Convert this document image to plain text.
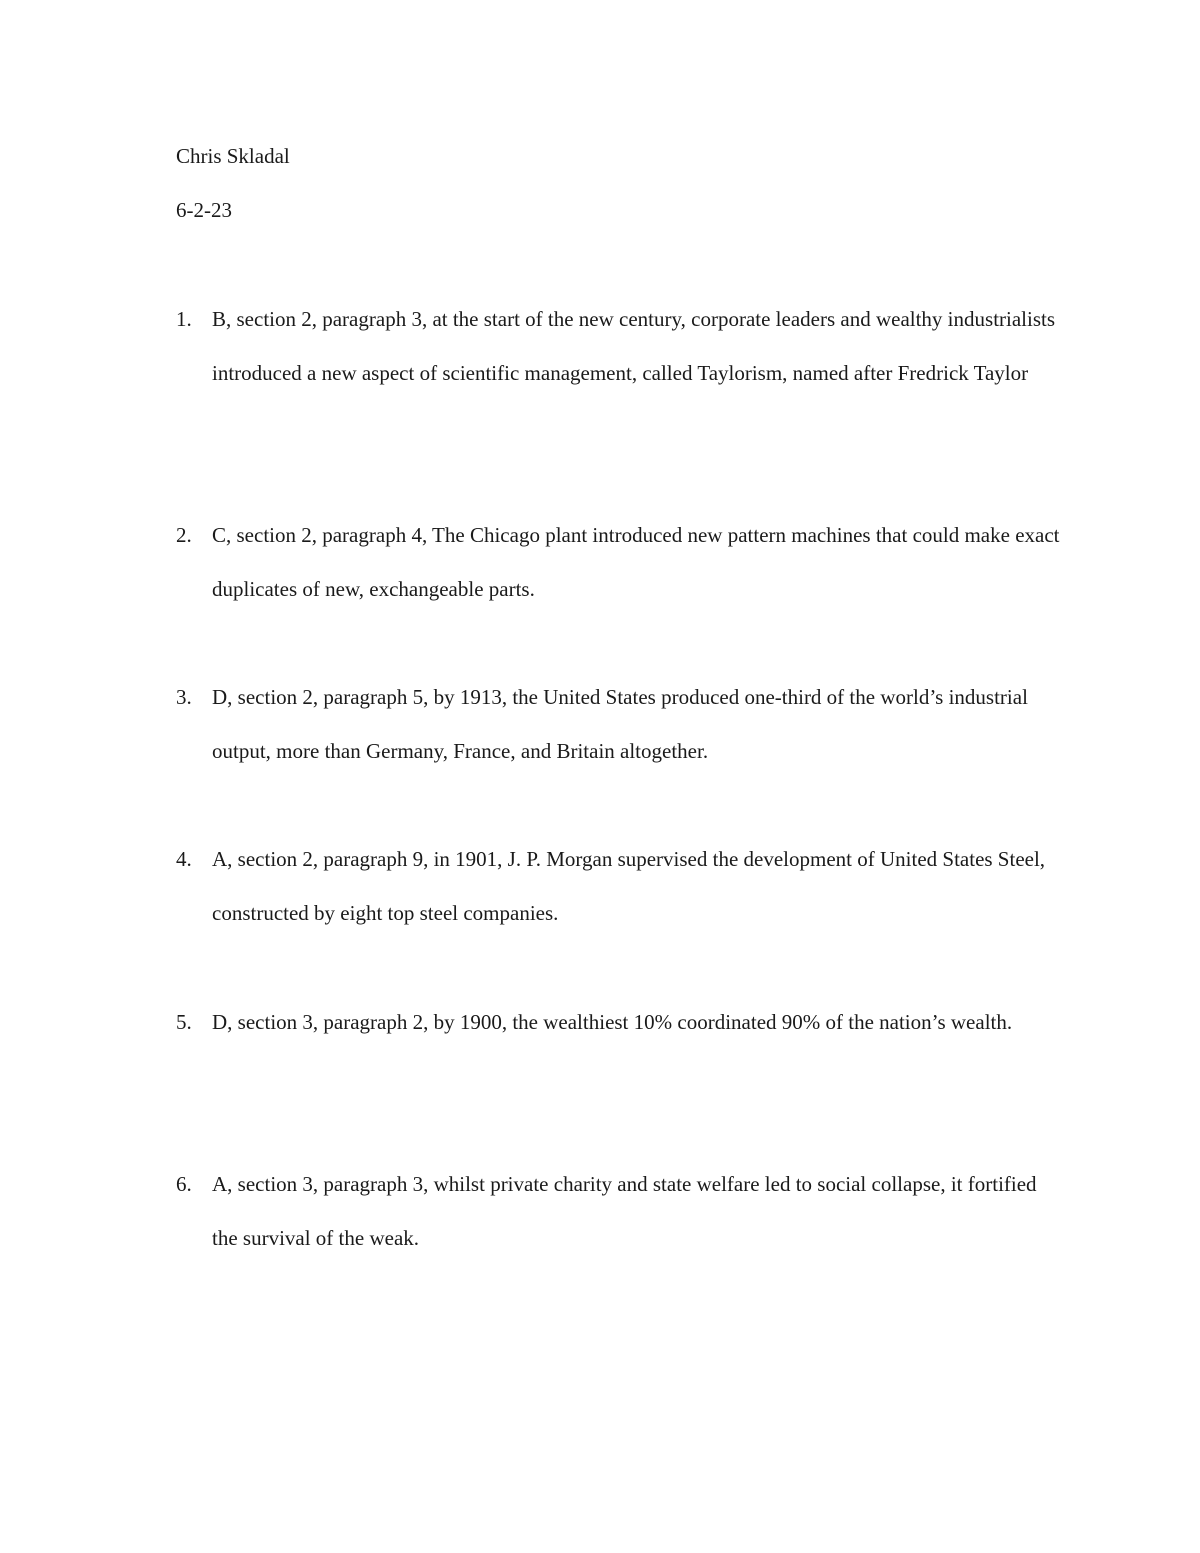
Chris Skladal
6-2-23
1. B, section 2, paragraph 3, at the start of the new century, corporate leaders and wealthy industrialists introduced a new aspect of scientific management, called Taylorism, named after Fredrick Taylor
2. C, section 2, paragraph 4, The Chicago plant introduced new pattern machines that could make exact duplicates of new, exchangeable parts.
3. D, section 2, paragraph 5, by 1913, the United States produced one-third of the world’s industrial output, more than Germany, France, and Britain altogether.
4. A, section 2, paragraph 9, in 1901, J. P. Morgan supervised the development of United States Steel, constructed by eight top steel companies.
5. D, section 3, paragraph 2, by 1900, the wealthiest 10% coordinated 90% of the nation’s wealth.
6. A, section 3, paragraph 3, whilst private charity and state welfare led to social collapse, it fortified the survival of the weak.
